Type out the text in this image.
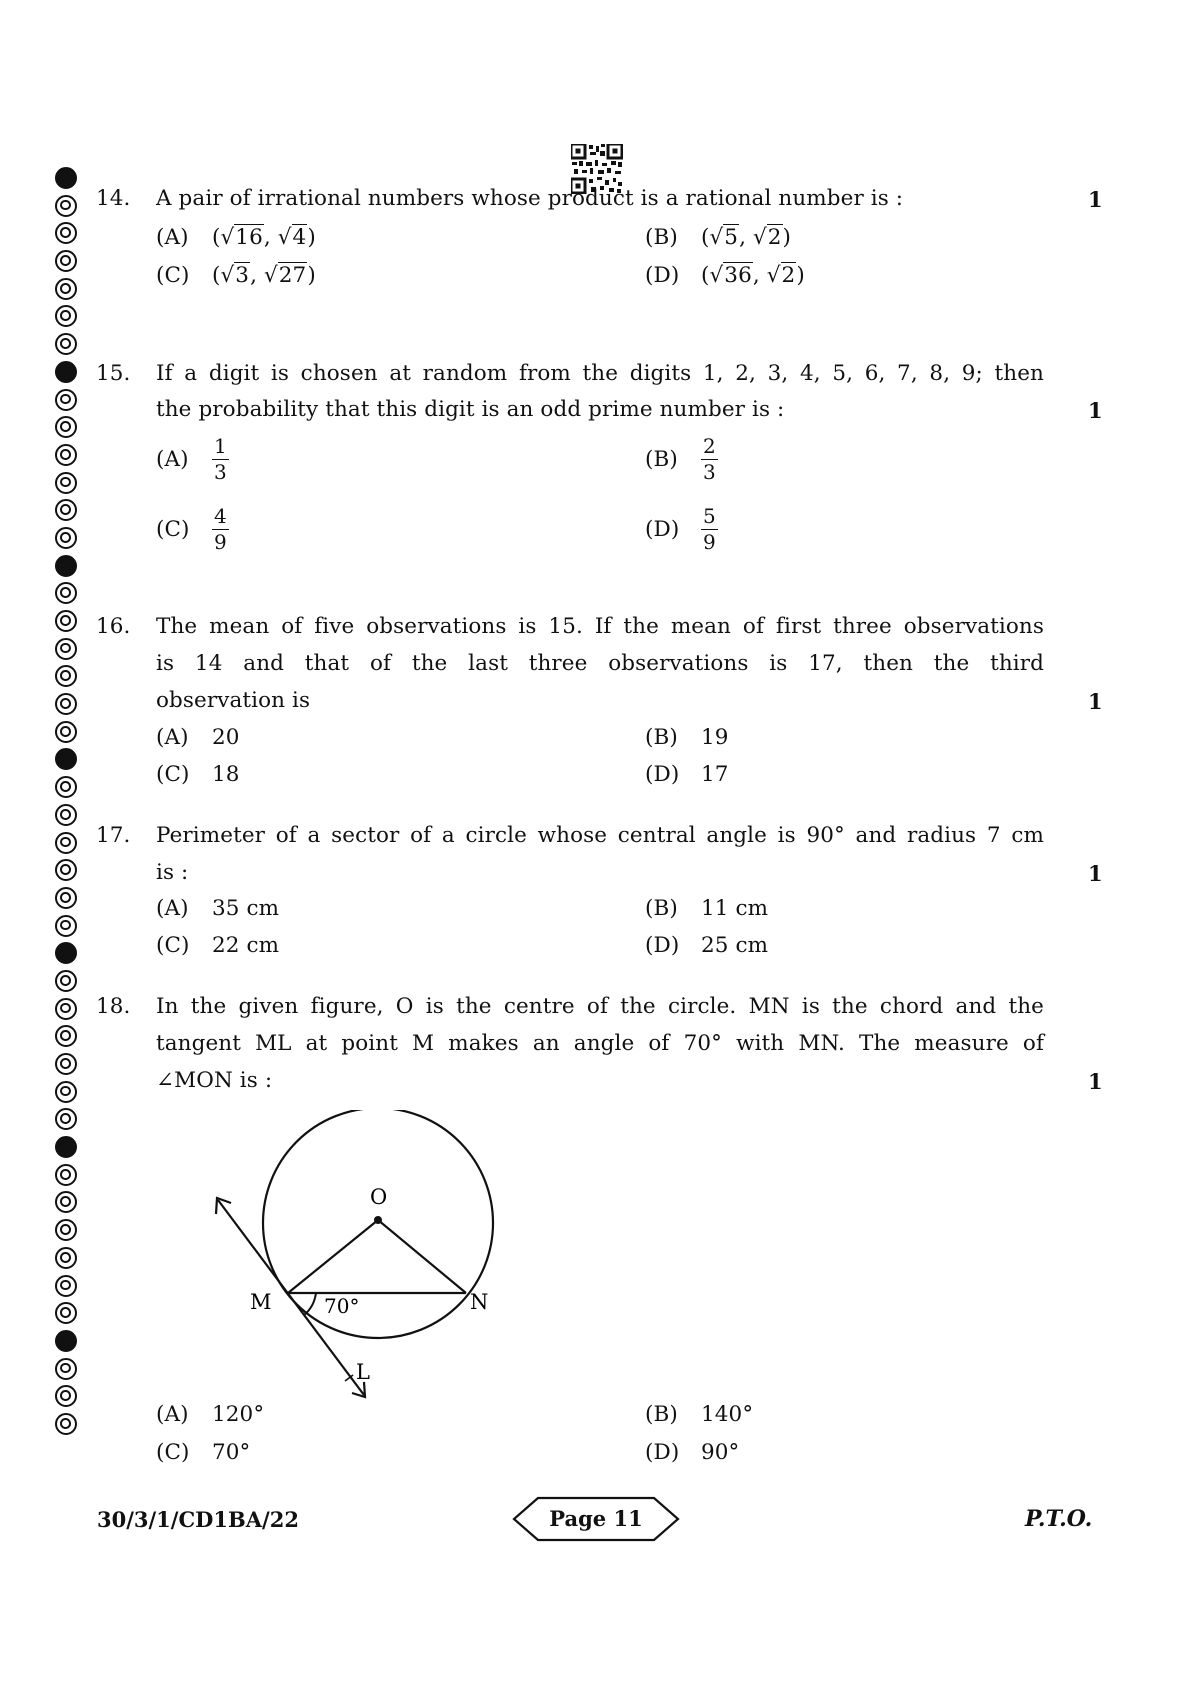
14. A pair of irrational numbers whose product is a rational number is :	1
(A) (√16, √4)	(B) (√5, √2)
(C) (√3, √27)	(D) (√36, √2)
15. If a digit is chosen at random from the digits 1, 2, 3, 4, 5, 6, 7, 8, 9; then
the probability that this digit is an odd prime number is :	1
(A)	$\frac{1}{3}$	(B)	$\frac{2}{3}$
(C)	$\frac{4}{9}$	(D)	$\frac{5}{9}$
16. The mean of five observations is 15. If the mean of first three observations
is 14 and that of the last three observations is 17, then the third
observation is	1
(A) 20	(B) 19
(C) 18	(D) 17
17. Perimeter of a sector of a circle whose central angle is 90° and radius 7 cm
is :	1
(A) 35 cm	(B) 11 cm
(C) 22 cm	(D) 25 cm
18. In the given figure, O is the centre of the circle. MN is the chord and the
tangent ML at point M makes an angle of 70° with MN. The measure of
∠MON is :	1
O
M	N
70°
L
(A) 120°	(B) 140°
(C) 70°	(D) 90°
30/3/1/CD1BA/22	Page 11	P.T.O.
